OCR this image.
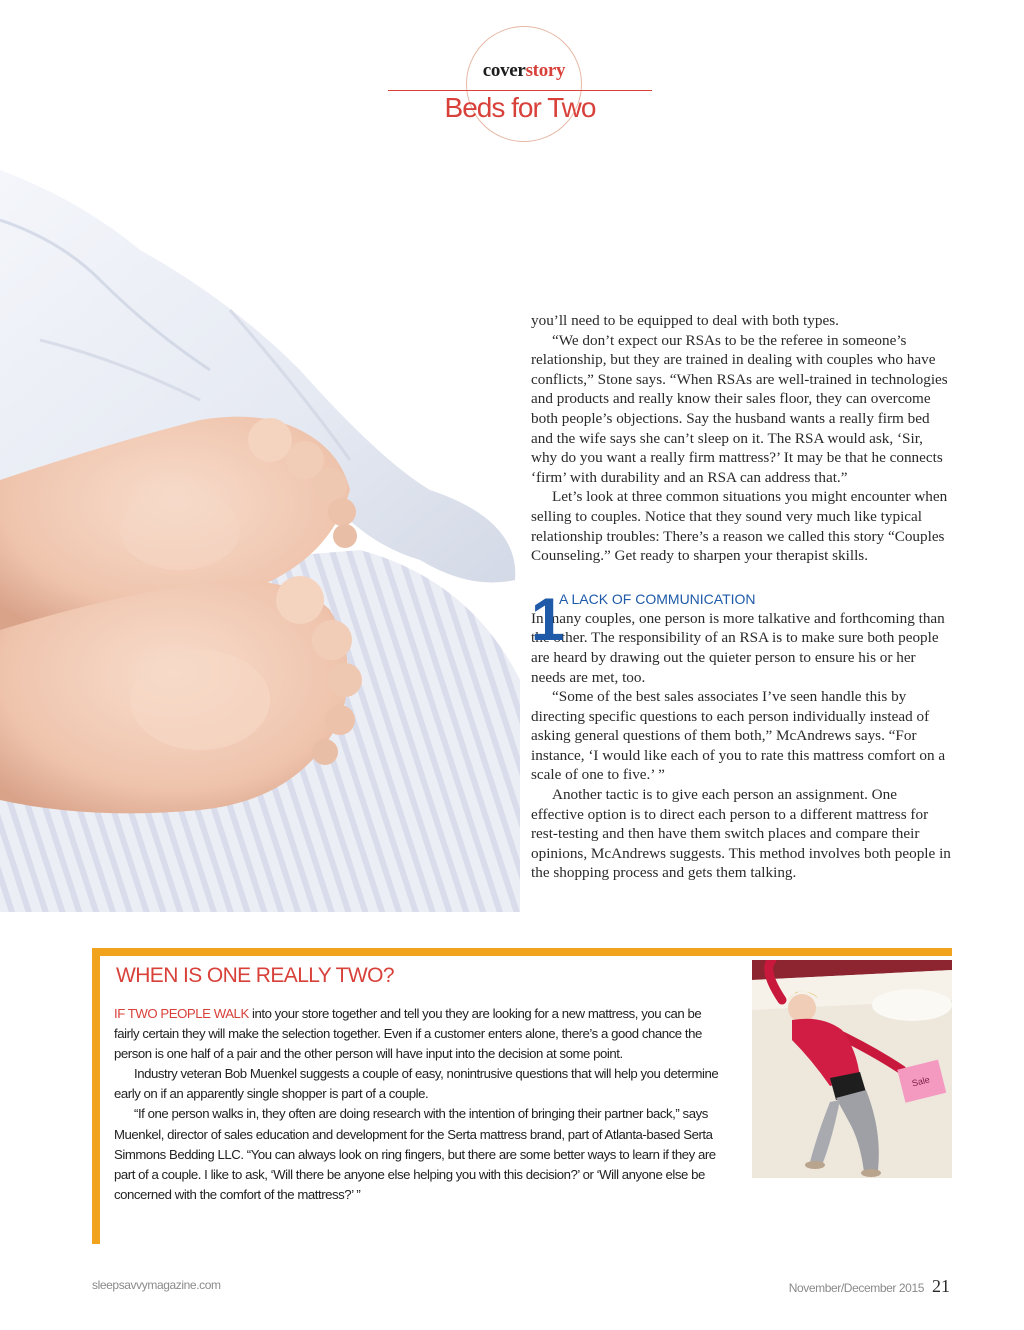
coverstory
Beds for Two

you’ll need to be equipped to deal with both types.

“We don’t expect our RSAs to be the referee in someone’s relationship, but they are trained in dealing with couples who have conflicts,” Stone says. “When RSAs are well-trained in technologies and products and really know their sales floor, they can overcome both people’s objections. Say the husband wants a really firm bed and the wife says she can’t sleep on it. The RSA would ask, ‘Sir, why do you want a really firm mattress?’ It may be that he connects ‘firm’ with durability and an RSA can address that.”

Let’s look at three common situations you might encounter when selling to couples. Notice that they sound very much like typical relationship troubles: There’s a reason we called this story “Couples Counseling.” Get ready to sharpen your therapist skills.

1
A LACK OF COMMUNICATION

In many couples, one person is more talkative and forthcoming than the other. The responsibility of an RSA is to make sure both people are heard by drawing out the quieter person to ensure his or her needs are met, too.

“Some of the best sales associates I’ve seen handle this by directing specific questions to each person individually instead of asking general questions of them both,” McAndrews says. “For instance, ‘I would like each of you to rate this mattress comfort on a scale of one to five.’ ”

Another tactic is to give each person an assignment. One effective option is to direct each person to a different mattress for rest-testing and then have them switch places and compare their opinions, McAndrews suggests. This method involves both people in the shopping process and gets them talking.

WHEN IS ONE REALLY TWO?

IF TWO PEOPLE WALK into your store together and tell you they are looking for a new mattress, you can be fairly certain they will make the selection together. Even if a customer enters alone, there’s a good chance the person is one half of a pair and the other person will have input into the decision at some point.

Industry veteran Bob Muenkel suggests a couple of easy, nonintrusive questions that will help you determine early on if an apparently single shopper is part of a couple.

“If one person walks in, they often are doing research with the intention of bringing their partner back,” says Muenkel, director of sales education and development for the Serta mattress brand, part of Atlanta-based Serta Simmons Bedding LLC. “You can always look on ring fingers, but there are some better ways to learn if they are part of a couple. I like to ask, ‘Will there be anyone else helping you with this decision?’ or ‘Will anyone else be concerned with the comfort of the mattress?’ ”

Sale
sleepsavvymagazine.com	November/December 2015 21
